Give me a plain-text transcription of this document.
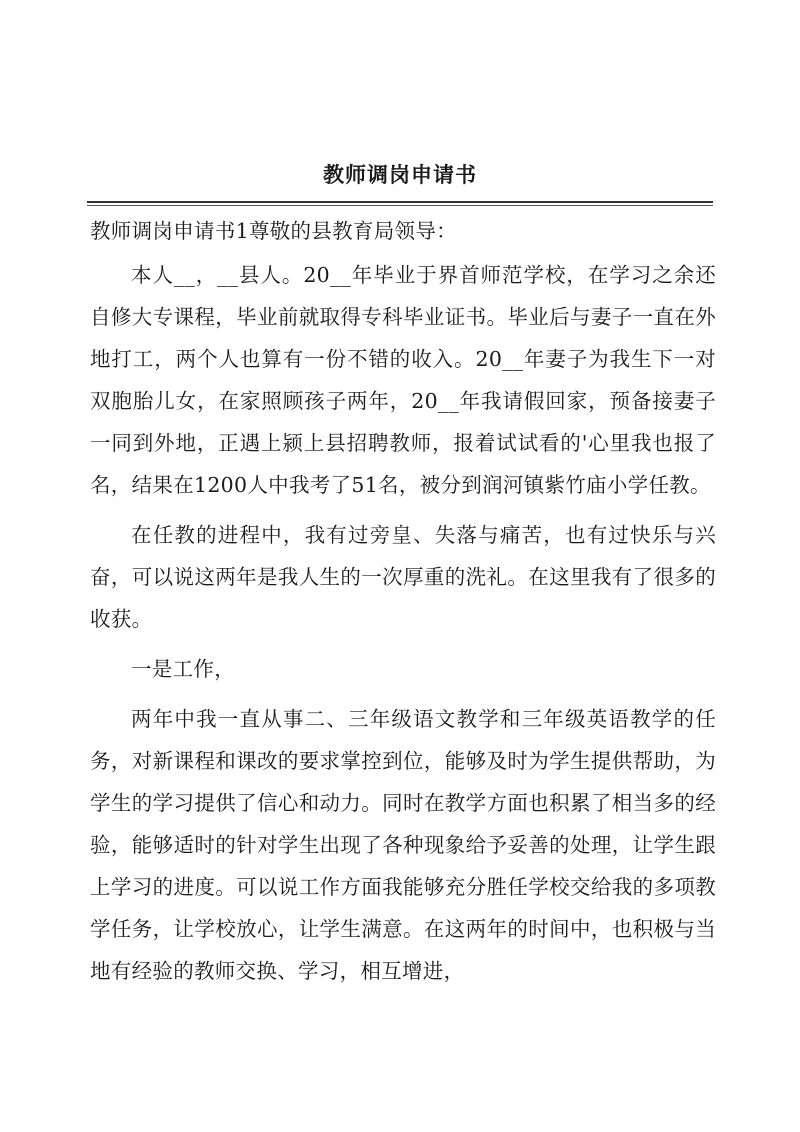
教师调岗申请书

教师调岗申请书1尊敬的县教育局领导：

本人__，__县人。20__年毕业于界首师范学校，在学习之余还自修大专课程，毕业前就取得专科毕业证书。毕业后与妻子一直在外地打工，两个人也算有一份不错的收入。20__年妻子为我生下一对双胞胎儿女，在家照顾孩子两年，20__年我请假回家，预备接妻子一同到外地，正遇上颍上县招聘教师，报着试试看的'心里我也报了名，结果在1200人中我考了51名，被分到润河镇紫竹庙小学任教。

在任教的进程中，我有过旁皇、失落与痛苦，也有过快乐与兴奋，可以说这两年是我人生的一次厚重的洗礼。在这里我有了很多的收获。

一是工作，

两年中我一直从事二、三年级语文教学和三年级英语教学的任务，对新课程和课改的要求掌控到位，能够及时为学生提供帮助，为学生的学习提供了信心和动力。同时在教学方面也积累了相当多的经验，能够适时的针对学生出现了各种现象给予妥善的处理，让学生跟上学习的进度。可以说工作方面我能够充分胜任学校交给我的多项教学任务，让学校放心，让学生满意。在这两年的时间中，也积极与当地有经验的教师交换、学习，相互增进，
